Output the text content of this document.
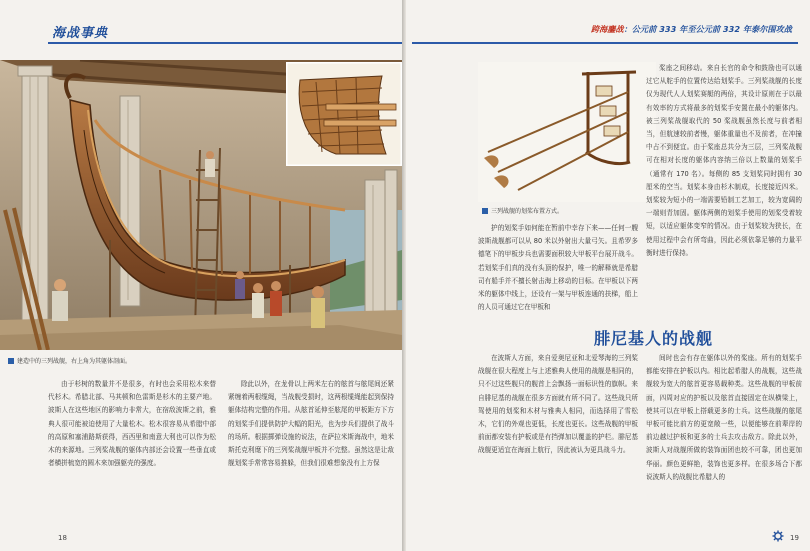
海战事典
建造中的三列战舰，右上角为其躯体剖面。

由于杉树的数量并不是很多，有时也会采用松木来替代杉木。希腊北部、马其顿和色雷斯是杉木的主要产地。波斯人在这些地区的影响力非常大，在宿敌波斯之前，雅典人很可能被迫使用了大量松木。松木很容易从希腊中部的高原和塞浦路斯获得，西西里和南意大利也可以作为松木的来源地。三列桨战舰的躯体内部还会设置一些垂直或者横拼梳宽的圆木来加强躯壳的强度。

除此以外，在龙骨以上两米左右的舷首与舷尾间还紧紧缠着两根缆绳，当战舰受损时，这两根缆绳能起到保持躯体结构完整的作用。从舷首延伸至舷尾的甲板距方下方的划桨手们提供防护大幅的阳光，也为步兵们提供了战斗的场所。根据掷弹设施的说法，在萨拉米斯海战中，地米斯托克利麾下的三列桨战舰甲板并不完整。虽然这是让敌舰划桨手常常容易推躲，但我们很难想象没有上方保

18
跨海鏖战：公元前 333 年至公元前 332 年泰尔围攻战
三列战舰的划桨布置方式。

护的划桨手如何能在暂前中幸存下来——任何一艘波斯战舰都可以从 80 米以外射出大量弓矢。且希罗多德笔下的甲板步兵也需要面积较大甲板平台展开战斗。若划桨手们真的没有头顶的保护，唯一的解释就是希腊司有船手并不擅长射击海上移动的目标。在甲板以下两米的躯体中线上，还设有一架与甲板连通的扶梯，船上的人员可通过它在甲板和

桨座之间移动。来自长官的命令和鼓励也可以通过它从舵手的位置传达给划桨手。三列桨战舰的长度仅为现代人人划桨赛艇的两倍，其设计原则在于以最有效率的方式将最多的划桨手安置在最小的躯体内。被三列桨战舰取代的 50 桨战舰虽然长度与前者相当，但航速较前者慢，躯体重量也不及前者，在冲撞中占不到便宜。由于桨座总共分为三层，三列桨战舰可在相对长度的躯体内容纳三倍以上数量的划桨手（通常有 170 名）。每侧的 85 支划桨同时拥有 30 厘米的空当。划桨本身由杉木制成，长度接近四米。划桨较为短小的一端需要铅制工艺加工，较为宽阔的一端则青加固。躯体两侧的划桨手使用的划桨受着较短，以适应躯体变窄的情况。由于划桨较为狭长，在使用过程中会有所弯曲，因此必须依靠足够的力量平衡时进行保持。

腓尼基人的战舰

在波斯人方面，来自爱奥尼亚和北爱琴海的三列桨战舰在很大程度上与上述雅典人使用的战舰是相同的，只不过这些舰只的舰首上会飘扬一面标识性的旗帜。来自腓尼基的战舰在很多方面就有所不同了。这些战只所驾使用的划桨和木材与雅典人相同，而选择用了雪松木，它们的外观也更低，长度也更长。这些战舰的甲板前面都安装有护板或是有挡弹加以覆盖的护栏。腓尼基战舰更适宜在海面上航行，因此被认为更具战斗力。

间时也会有存在躯体以外的桨座。所有的划桨手都能安排在护板以内。相比起希腊人的战舰，这些战舰较为宽大的舷首更容易载种类。这些战舰的甲板前面，四周对应的护板以及舷首直接固定在纵横梁上，使其可以在甲板上搭载更多的士兵。这些战舰的舷尾甲板可能比前方的更宽敞一些，以便能够在前辈岸的前边越过护板和更多的士兵去攻击敌方。除此以外，波斯人对战舰所做的装饰面团也较不可靠，团也更加华丽。颜色更鲜艳，装饰也更多样。在很多场合下都说波斯人的战舰比希腊人的

19
